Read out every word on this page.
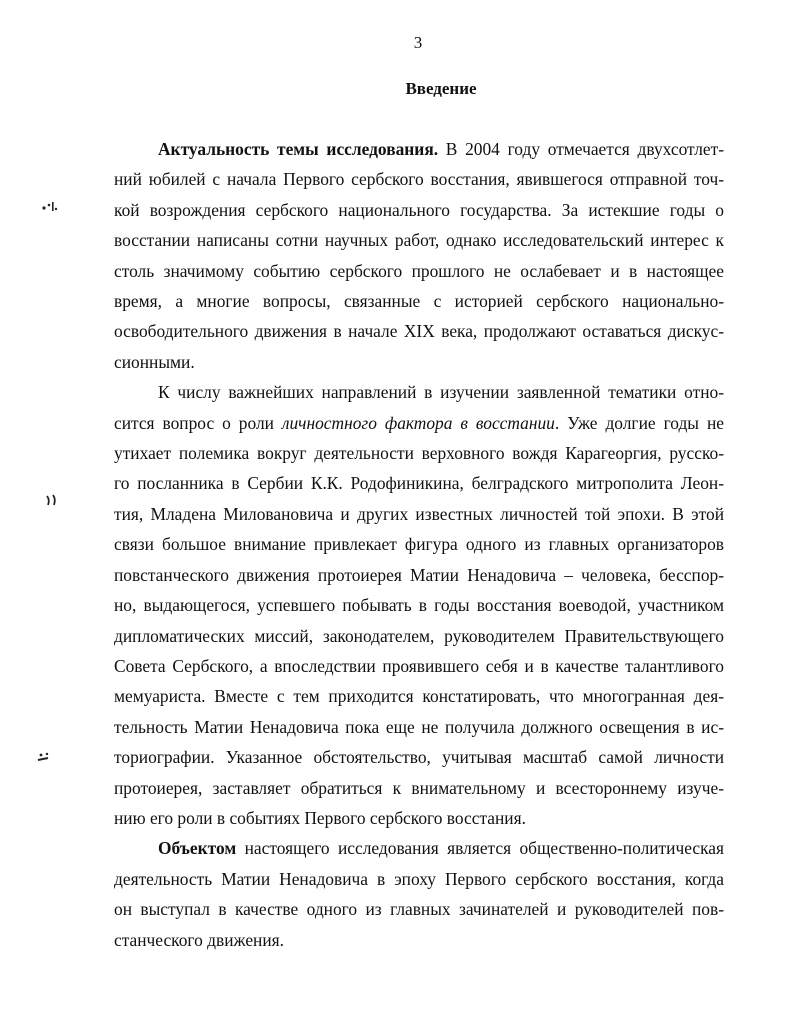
3
Введение
Актуальность темы исследования. В 2004 году отмечается двухсотлет-
ний юбилей с начала Первого сербского восстания, явившегося отправной точ-
кой возрождения сербского национального государства. За истекшие годы о
восстании написаны сотни научных работ, однако исследовательский интерес к
столь значимому событию сербского прошлого не ослабевает и в настоящее
время, а многие вопросы, связанные с историей сербского национально-
освободительного движения в начале XIX века, продолжают оставаться дискус-
сионными.
К числу важнейших направлений в изучении заявленной тематики отно-
сится вопрос о роли личностного фактора в восстании. Уже долгие годы не
утихает полемика вокруг деятельности верховного вождя Карагеоргия, русско-
го посланника в Сербии К.К. Родофиникина, белградского митрополита Леон-
тия, Младена Миловановича и других известных личностей той эпохи. В этой
связи большое внимание привлекает фигура одного из главных организаторов
повстанческого движения протоиерея Матии Ненадовича – человека, бесспор-
но, выдающегося, успевшего побывать в годы восстания воеводой, участником
дипломатических миссий, законодателем, руководителем Правительствующего
Совета Сербского, а впоследствии проявившего себя и в качестве талантливого
мемуариста. Вместе с тем приходится констатировать, что многогранная дея-
тельность Матии Ненадовича пока еще не получила должного освещения в ис-
ториографии. Указанное обстоятельство, учитывая масштаб самой личности
протоиерея, заставляет обратиться к внимательному и всестороннему изуче-
нию его роли в событиях Первого сербского восстания.
Объектом настоящего исследования является общественно-политическая
деятельность Матии Ненадовича в эпоху Первого сербского восстания, когда
он выступал в качестве одного из главных зачинателей и руководителей пов-
станческого движения.
